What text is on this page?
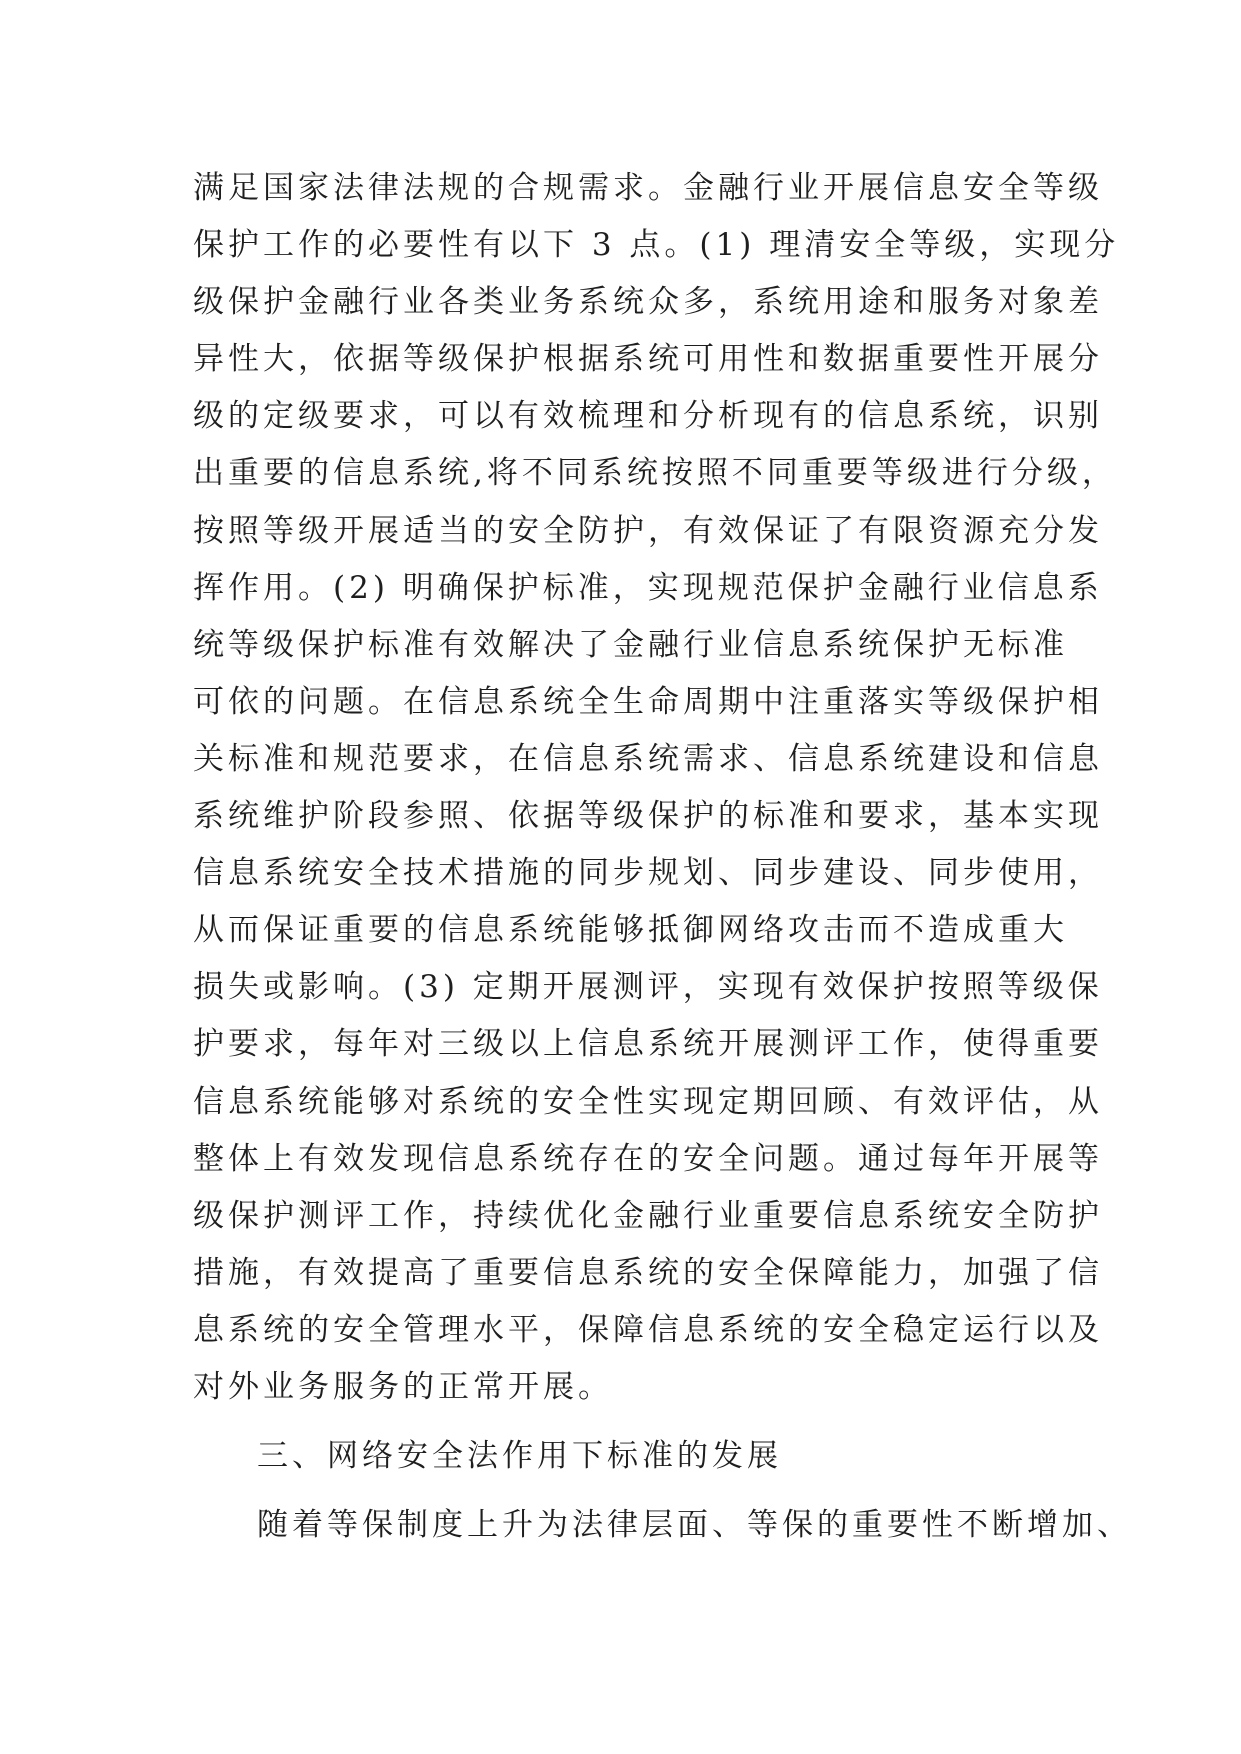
满足国家法律法规的合规需求。金融行业开展信息安全等级
保护工作的必要性有以下 3 点。(1) 理清安全等级，实现分
级保护金融行业各类业务系统众多，系统用途和服务对象差
异性大，依据等级保护根据系统可用性和数据重要性开展分
级的定级要求，可以有效梳理和分析现有的信息系统，识别
出重要的信息系统,将不同系统按照不同重要等级进行分级，
按照等级开展适当的安全防护，有效保证了有限资源充分发
挥作用。(2) 明确保护标准，实现规范保护金融行业信息系
统等级保护标准有效解决了金融行业信息系统保护无标准
可依的问题。在信息系统全生命周期中注重落实等级保护相
关标准和规范要求，在信息系统需求、信息系统建设和信息
系统维护阶段参照、依据等级保护的标准和要求，基本实现
信息系统安全技术措施的同步规划、同步建设、同步使用，
从而保证重要的信息系统能够抵御网络攻击而不造成重大
损失或影响。(3) 定期开展测评，实现有效保护按照等级保
护要求，每年对三级以上信息系统开展测评工作，使得重要
信息系统能够对系统的安全性实现定期回顾、有效评估，从
整体上有效发现信息系统存在的安全问题。通过每年开展等
级保护测评工作，持续优化金融行业重要信息系统安全防护
措施，有效提高了重要信息系统的安全保障能力，加强了信
息系统的安全管理水平，保障信息系统的安全稳定运行以及
对外业务服务的正常开展。
三、网络安全法作用下标准的发展
随着等保制度上升为法律层面、等保的重要性不断增加、
